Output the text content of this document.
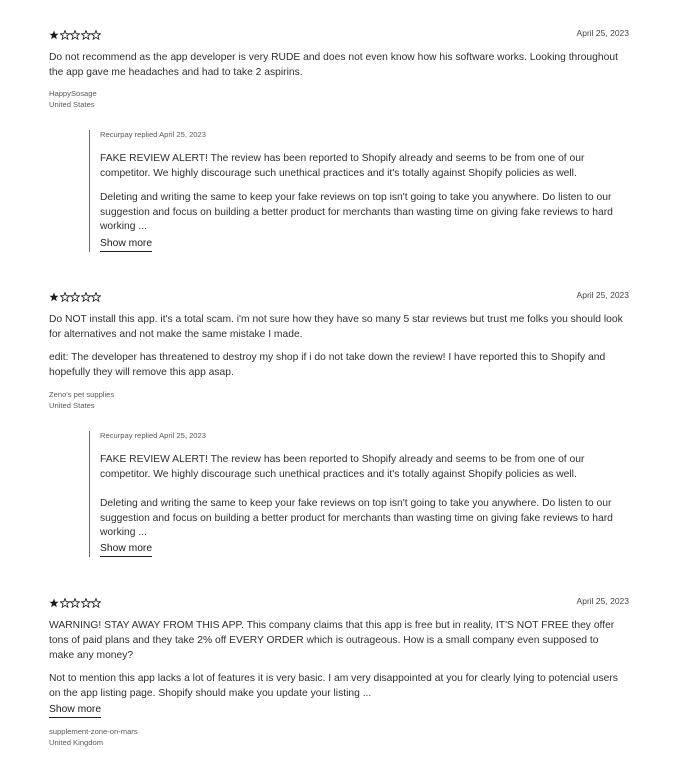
April 25, 2023
Do not recommend as the app developer is very RUDE and does not even know how his software works. Looking throughout the app gave me headaches and had to take 2 aspirins.
HappySosage
United States
Recurpay replied April 25, 2023
FAKE REVIEW ALERT! The review has been reported to Shopify already and seems to be from one of our competitor. We highly discourage such unethical practices and it's totally against Shopify policies as well.
Deleting and writing the same to keep your fake reviews on top isn't going to take you anywhere. Do listen to our suggestion and focus on building a better product for merchants than wasting time on giving fake reviews to hard working ...
Show more
April 25, 2023
Do NOT install this app. it's a total scam. i'm not sure how they have so many 5 star reviews but trust me folks you should look for alternatives and not make the same mistake I made.
edit: The developer has threatened to destroy my shop if i do not take down the review! I have reported this to Shopify and hopefully they will remove this app asap.
Zeno's pet supplies
United States
Recurpay replied April 25, 2023
FAKE REVIEW ALERT! The review has been reported to Shopify already and seems to be from one of our competitor. We highly discourage such unethical practices and it's totally against Shopify policies as well.
Deleting and writing the same to keep your fake reviews on top isn't going to take you anywhere. Do listen to our suggestion and focus on building a better product for merchants than wasting time on giving fake reviews to hard working ...
Show more
April 25, 2023
WARNING! STAY AWAY FROM THIS APP. This company claims that this app is free but in reality, IT'S NOT FREE they offer tons of paid plans and they take 2% off EVERY ORDER which is outrageous. How is a small company even supposed to make any money?
Not to mention this app lacks a lot of features it is very basic. I am very disappointed at you for clearly lying to potencial users on the app listing page. Shopify should make you update your listing ...
Show more
supplement-zone-on-mars
United Kingdom
